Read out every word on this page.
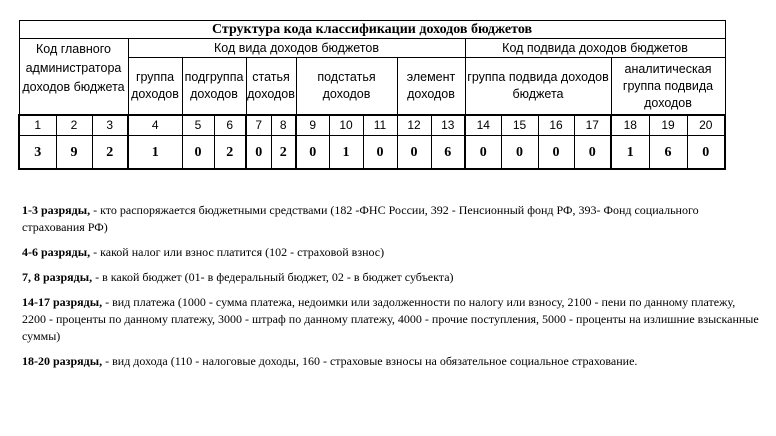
Структура кода классификации доходов бюджетов																			

Код главного администратора доходов бюджета			Код вида доходов бюджетов										Код подвида доходов бюджетов						
			группа доходов	подгруппа доходов		статья доходов		подстатья доходов			элемент доходов		группа подвида доходов бюджета				аналитическая группа подвида доходов		
1	2	3	4	5	6	7	8	9	10	11	12	13	14	15	16	17	18	19	20
3	9	2	1	0	2	0	2	0	1	0	0	6	0	0	0	0	1	6	0

1-3 разряды, - кто распоряжается бюджетными средствами (182 -ФНС России, 392 - Пенсионный фонд РФ, 393- Фонд социального страхования РФ)

4-6 разряды, - какой налог или взнос платится (102 - страховой взнос)

7, 8 разряды, - в какой бюджет (01- в федеральный бюджет, 02 - в бюджет субъекта)

14-17 разряды, - вид платежа (1000 - сумма платежа, недоимки или задолженности по налогу или взносу, 2100 - пени по данному платежу, 2200 - проценты по данному платежу, 3000 - штраф по данному платежу, 4000 - прочие поступления, 5000 - проценты на излишние взысканные суммы)

18-20 разряды, - вид дохода (110 - налоговые доходы, 160 - страховые взносы на обязательное социальное страхование.
